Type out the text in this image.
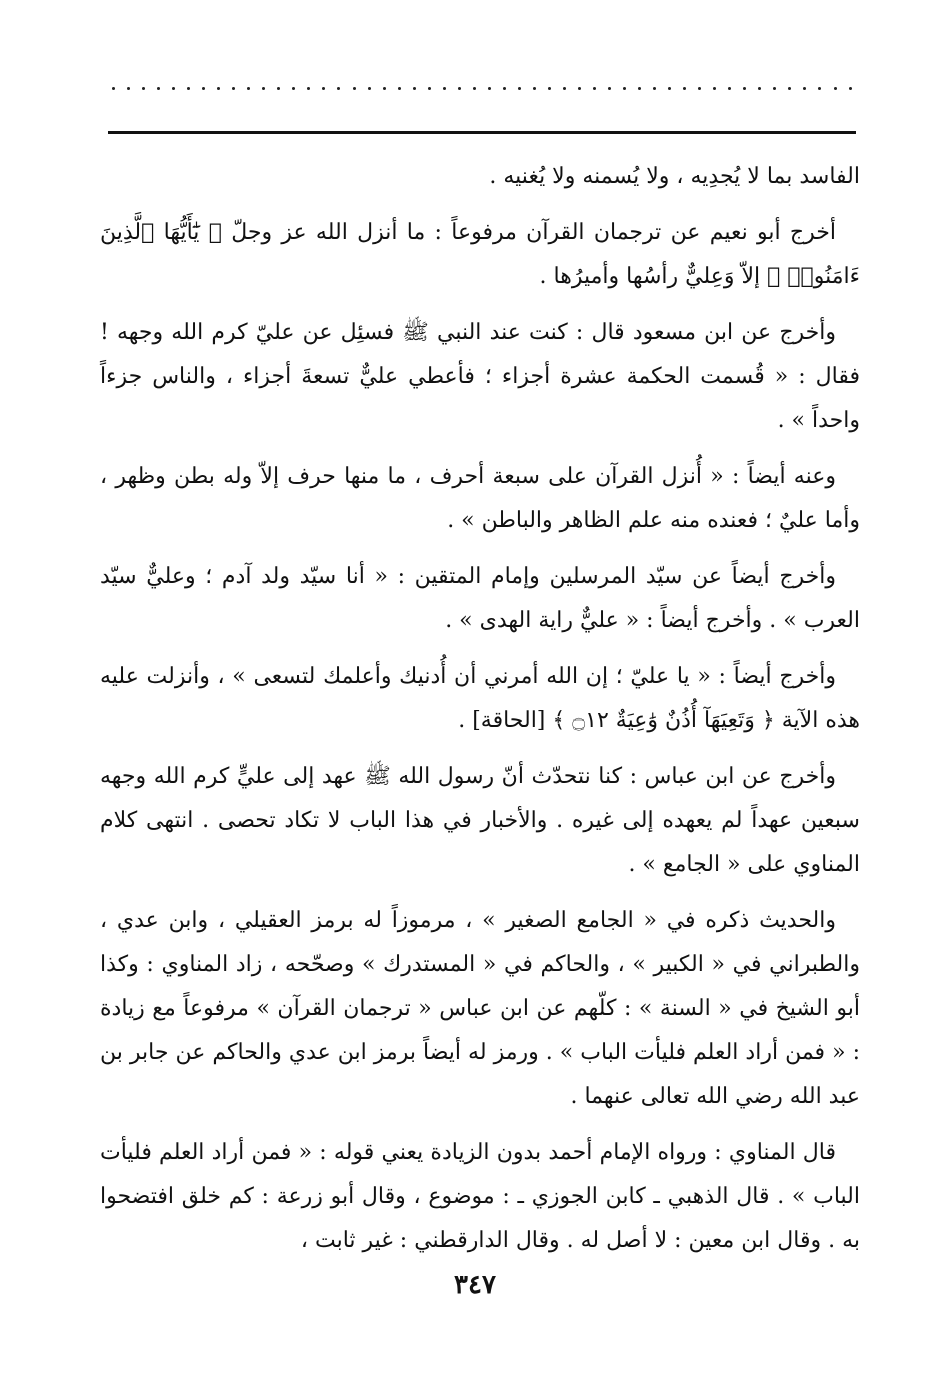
الفاسد بما لا يُجدِيه ، ولا يُسمنه ولا يُغنيه .

أخرج أبو نعيم عن ترجمان القرآن مرفوعاً : ما أنزل الله عز وجلّ ﴿ يَٰٓأَيُّهَا ٱلَّذِينَ ءَامَنُوا۟ ﴾ إلاّ وَعِليٌّ رأسُها وأميرُها .

وأخرج عن ابن مسعود قال : كنت عند النبي ﷺ فسئِل عن عليّ كرم الله وجهه ! فقال : « قُسمت الحكمة عشرة أجزاء ؛ فأعطي عليٌّ تسعةَ أجزاء ، والناس جزءاً واحداً » .

وعنه أيضاً : « أُنزل القرآن على سبعة أحرف ، ما منها حرف إلاّ وله بطن وظهر ، وأما عليٌ ؛ فعنده منه علم الظاهر والباطن » .

وأخرج أيضاً عن سيّد المرسلين وإمام المتقين : « أنا سيّد ولد آدم ؛ وعليٌّ سيّد العرب » . وأخرج أيضاً : « عليٌّ راية الهدى » .

وأخرج أيضاً : « يا عليّ ؛ إن الله أمرني أن أُدنيك وأعلمك لتسعى » ، وأنزلت عليه هذه الآية ﴿ وَتَعِيَهَآ أُذُنٌ وَٰعِيَةٌ ۝١٢ ﴾ [الحاقة] .

وأخرج عن ابن عباس : كنا نتحدّث أنّ رسول الله ﷺ عهد إلى عليٍّ كرم الله وجهه سبعين عهداً لم يعهده إلى غيره . والأخبار في هذا الباب لا تكاد تحصى . انتهى كلام المناوي على « الجامع » .

والحديث ذكره في « الجامع الصغير » ، مرموزاً له برمز العقيلي ، وابن عدي ، والطبراني في « الكبير » ، والحاكم في « المستدرك » وصحّحه ، زاد المناوي : وكذا أبو الشيخ في « السنة » : كلّهم عن ابن عباس « ترجمان القرآن » مرفوعاً مع زيادة : « فمن أراد العلم فليأت الباب » . ورمز له أيضاً برمز ابن عدي والحاكم عن جابر بن عبد الله رضي الله تعالى عنهما .

قال المناوي : ورواه الإمام أحمد بدون الزيادة يعني قوله : « فمن أراد العلم فليأت الباب » . قال الذهبي ـ كابن الجوزي ـ : موضوع ، وقال أبو زرعة : كم خلق افتضحوا به . وقال ابن معين : لا أصل له . وقال الدارقطني : غير ثابت ،

٣٤٧
